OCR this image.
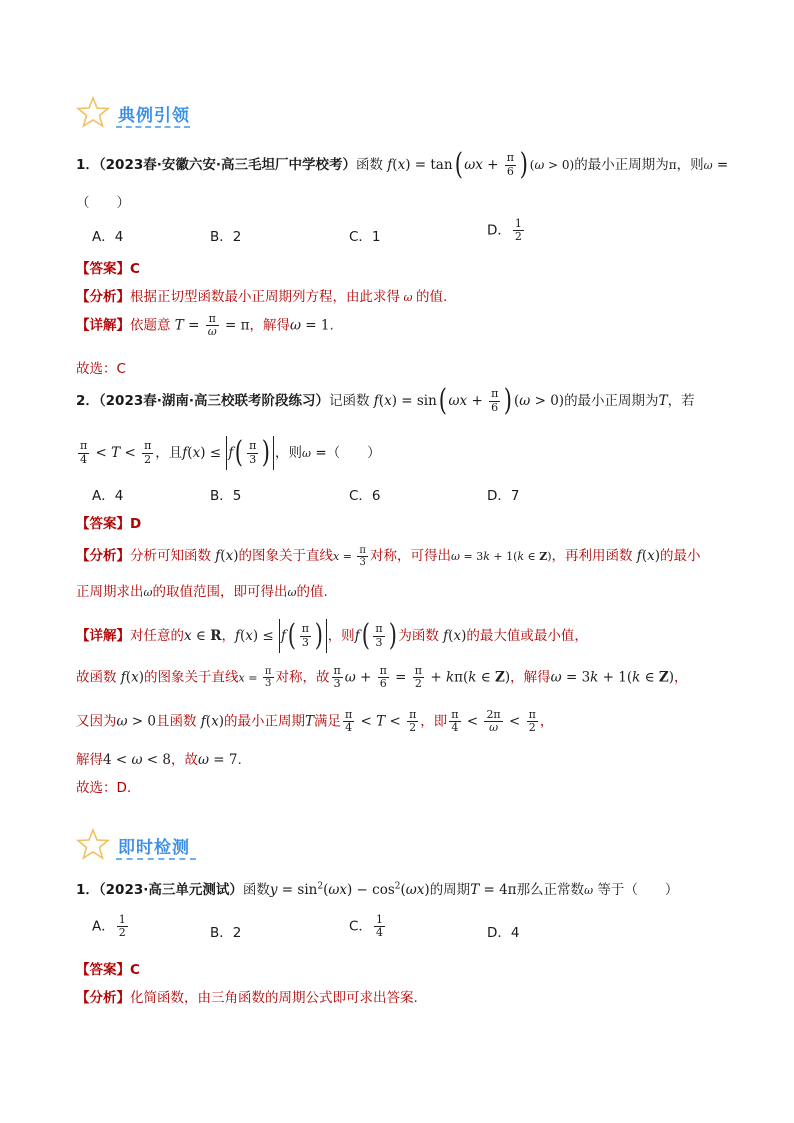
典例引领
1．（2023春·安徽六安·高三毛坦厂中学校考）函数 f(x) = tan( $\omega x + \frac{\pi}{6}$ ) (ω > 0)的最小正周期为π，则ω =
（　　）
A．4	B．2	C．1	D． $\frac{1}{2}$
【答案】C
【分析】根据正切型函数最小正周期列方程，由此求得 ω 的值.
【详解】依题意 $T = \frac{\pi}{\omega} = \pi$，解得ω = 1.
故选：C
2．（2023春·湖南·高三校联考阶段练习）记函数 f(x) = sin( $\omega x + \frac{\pi}{6}$ ) (ω > 0)的最小正周期为T，若
$\frac{\pi}{4} < T < \frac{\pi}{2}$ ，且$f(x) \le f( \frac{\pi}{3}$ ) ，则ω =（　　）
A．4	B．5	C．6	D．7
【答案】D
【分析】分析可知函数 f(x)的图象关于直线$x = \frac{\pi}{3}$ 对称，可得出ω = 3k + 1(k ∈ Z)，再利用函数 f(x)的最小
正周期求出ω的取值范围，即可得出ω的值.
【详解】对任意的x ∈ R，$f(x) \le f( \frac{\pi}{3}$ ) ，则$f( \frac{\pi}{3}$ ) 为函数 f(x)的最大值或最小值，
故函数 f(x)的图象关于直线$x = \frac{\pi}{3}$ 对称，故 $\frac{\pi}{3}$ $\omega + \frac{\pi}{6} = \frac{\pi}{2} + k\pi(k$ ∈ Z)，解得ω = 3k + 1(k ∈ Z)，
又因为ω > 0且函数 f(x)的最小正周期T满足 $\frac{\pi}{4} < T < \frac{\pi}{2}$ ，即 $\frac{\pi}{4} < \frac{2\pi}{\omega} < \frac{\pi}{2}$ ，
解得4 < ω < 8，故ω = 7.
故选：D.
即时检测
1．（2023·高三单元测试）函数$y = \sin^2(\omega x) - \cos^2(\omega x)$的周期T = 4π那么正常数ω 等于（　　）
A． $\frac{1}{2}$	B．2	C． $\frac{1}{4}$	D．4
【答案】C
【分析】化简函数，由三角函数的周期公式即可求出答案.
